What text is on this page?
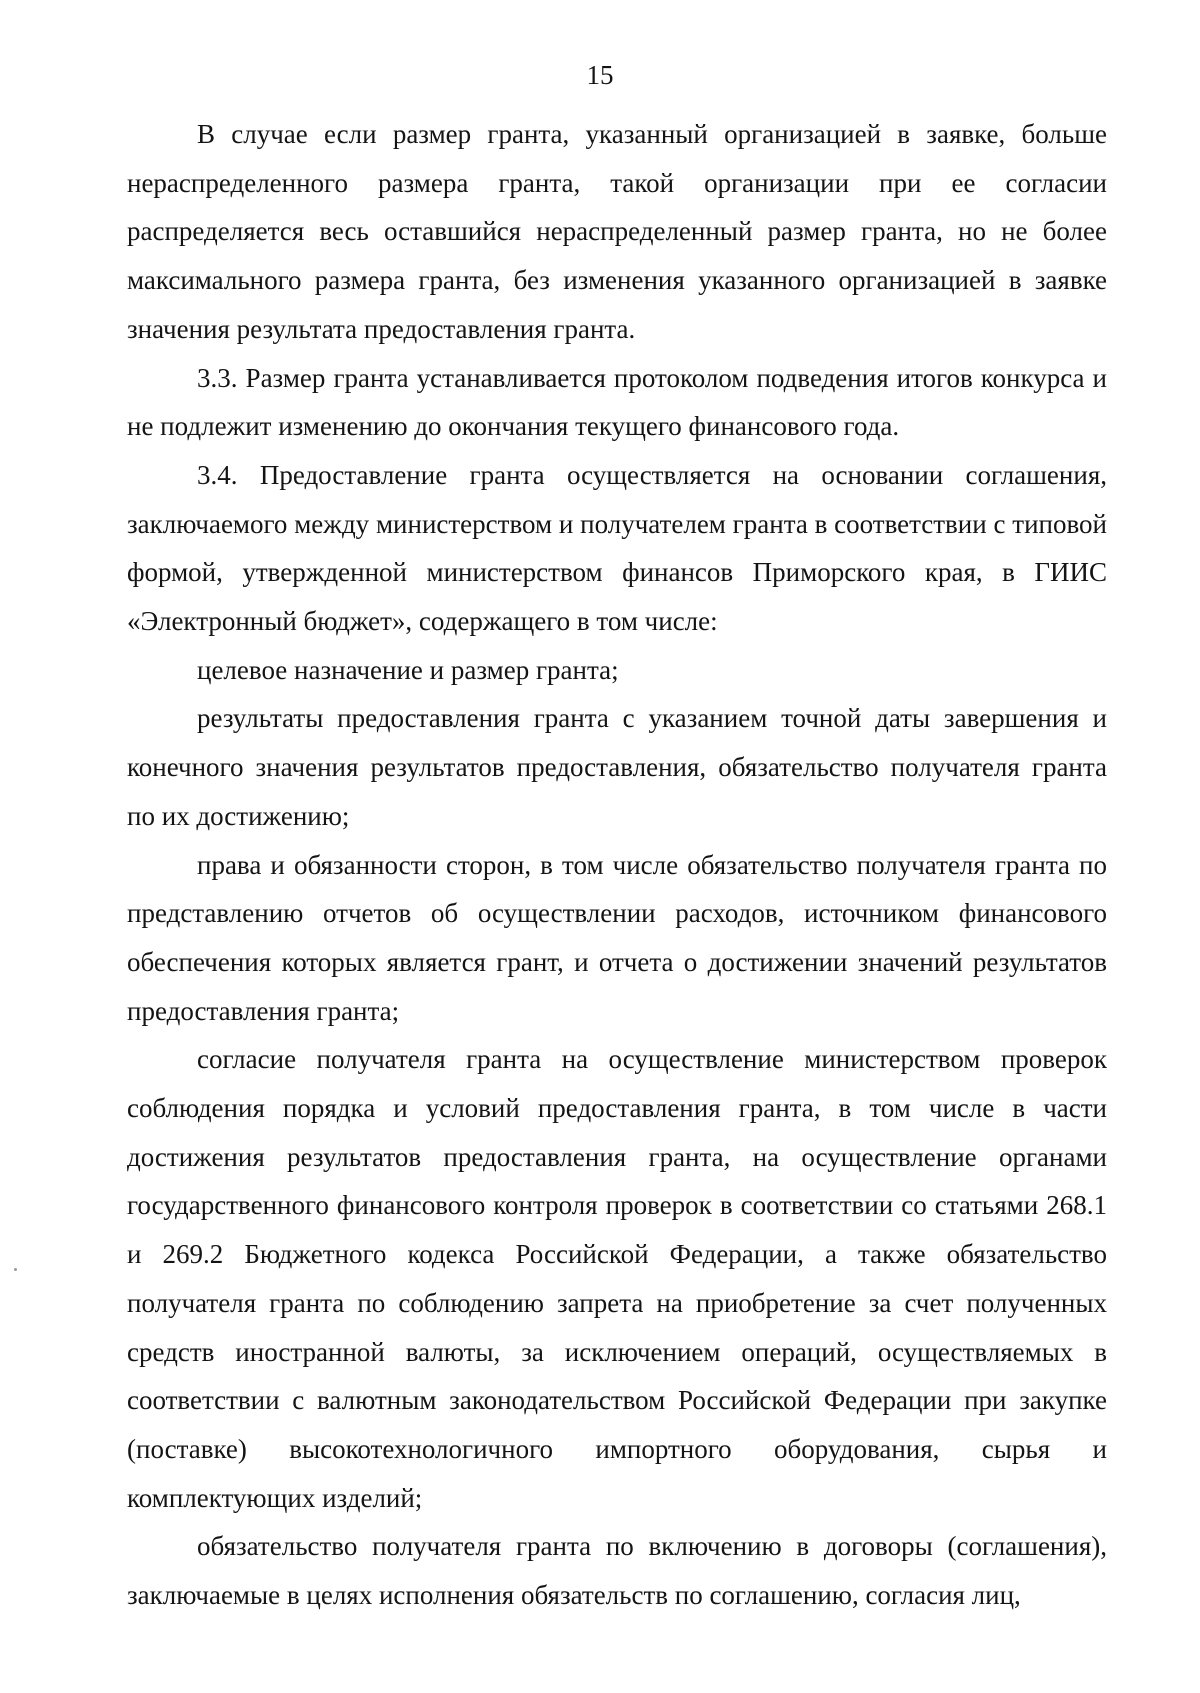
15

В случае если размер гранта, указанный организацией в заявке, больше нераспределенного размера гранта, такой организации при ее согласии распределяется весь оставшийся нераспределенный размер гранта, но не более максимального размера гранта, без изменения указанного организацией в заявке значения результата предоставления гранта.

3.3. Размер гранта устанавливается протоколом подведения итогов конкурса и не подлежит изменению до окончания текущего финансового года.

3.4. Предоставление гранта осуществляется на основании соглашения, заключаемого между министерством и получателем гранта в соответствии с типовой формой, утвержденной министерством финансов Приморского края, в ГИИС «Электронный бюджет», содержащего в том числе:

целевое назначение и размер гранта;

результаты предоставления гранта с указанием точной даты завершения и конечного значения результатов предоставления, обязательство получателя гранта по их достижению;

права и обязанности сторон, в том числе обязательство получателя гранта по представлению отчетов об осуществлении расходов, источником финансового обеспечения которых является грант, и отчета о достижении значений результатов предоставления гранта;

согласие получателя гранта на осуществление министерством проверок соблюдения порядка и условий предоставления гранта, в том числе в части достижения результатов предоставления гранта, на осуществление органами государственного финансового контроля проверок в соответствии со статьями 268.1 и 269.2 Бюджетного кодекса Российской Федерации, а также обязательство получателя гранта по соблюдению запрета на приобретение за счет полученных средств иностранной валюты, за исключением операций, осуществляемых в соответствии с валютным законодательством Российской Федерации при закупке (поставке) высокотехнологичного импортного оборудования, сырья и комплектующих изделий;

обязательство получателя гранта по включению в договоры (соглашения), заключаемые в целях исполнения обязательств по соглашению, согласия лиц,
